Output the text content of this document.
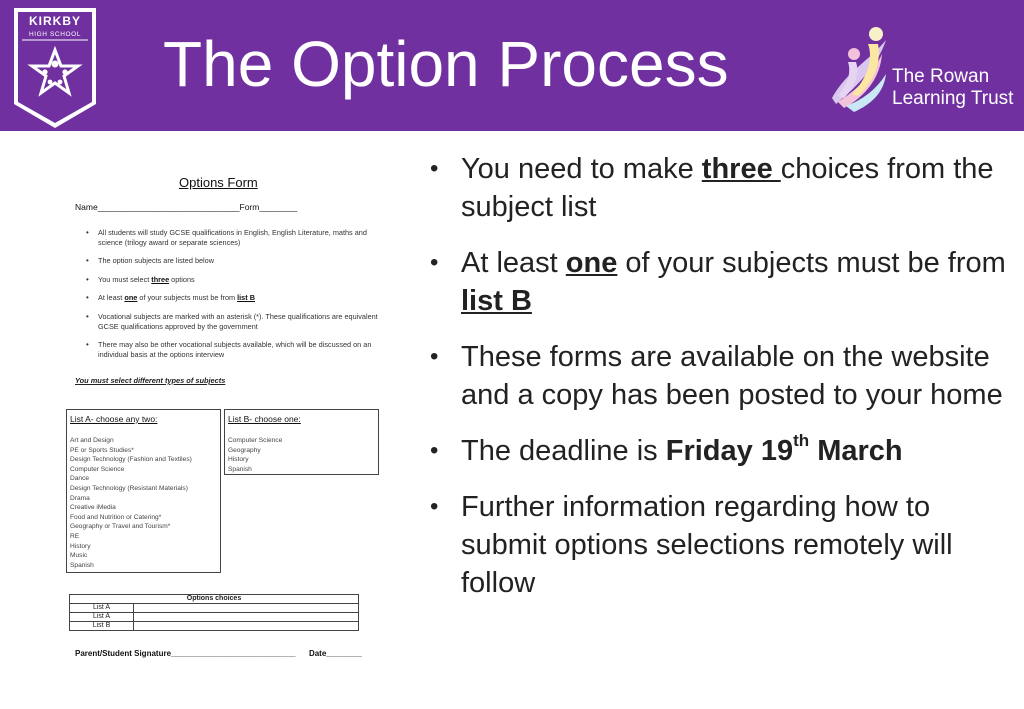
KIRKBY
HIGH SCHOOL The Option Process	The Rowan
Learning Trust
Options Form
Name______________________________Form________
• All students will study GCSE qualifications in English, English Literature, maths and science (trilogy award or separate sciences)
• The option subjects are listed below
• You must select three options
• At least one of your subjects must be from list B
• Vocational subjects are marked with an asterisk (*). These qualifications are equivalent GCSE qualifications approved by the government
• There may also be other vocational subjects available, which will be discussed on an individual basis at the options interview
You must select different types of subjects
List A- choose any two:
Art and Design
PE or Sports Studies*
Design Technology (Fashion and Textiles)
Computer Science
Dance
Design Technology (Resistant Materials)
Drama
Creative iMedia
Food and Nutrition or Catering*
Geography or Travel and Tourism*
RE
History
Music
Spanish
List B- choose one:
Computer Science
Geography
History
Spanish
Options choices	
List A	
List A	
List B	
Parent/Student Signature____________________________      Date________
• You need to make three choices from the subject list
• At least one of your subjects must be from list B
• These forms are available on the website and a copy has been posted to your home
• The deadline is Friday 19th March
• Further information regarding how to submit options selections remotely will follow
